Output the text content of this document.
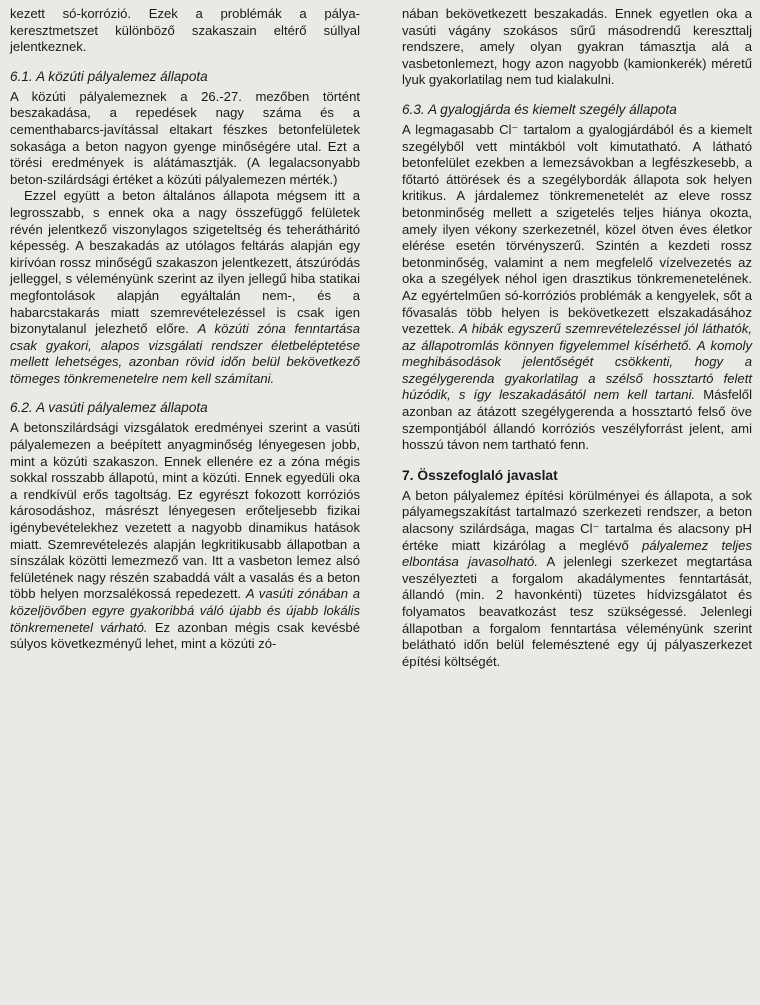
kezett só-korrózió. Ezek a problémák a pálya-keresztmetszet különböző szakaszain eltérő súllyal jelentkeznek.

6.1. A közúti pályalemez állapota

A közúti pályalemeznek a 26.-27. mezőben történt beszakadása, a repedések nagy száma és a cementhabarcs-javítással eltakart fészkes betonfelületek sokasága a beton nagyon gyenge minőségére utal. Ezt a törési eredmények is alátámasztják. (A legalacsonyabb beton-szilárdsági értéket a közúti pályalemezen mérték.)

Ezzel együtt a beton általános állapota mégsem itt a legrosszabb, s ennek oka a nagy összefüggő felületek révén jelentkező viszonylagos szigeteltség és teherátháritó képesség. A beszakadás az utólagos feltárás alapján egy kirívóan rossz minőségű szakaszon jelentkezett, átszúródás jelleggel, s véleményünk szerint az ilyen jellegű hiba statikai megfontolások alapján egyáltalán nem-, és a habarcstakarás miatt szemrevételezéssel is csak igen bizonytalanul jelezhető előre. A közúti zóna fenntartása csak gyakori, alapos vizsgálati rendszer életbeléptetése mellett lehetséges, azonban rövid időn belül bekövetkező tömeges tönkremenetelre nem kell számítani.

6.2. A vasúti pályalemez állapota

A betonszilárdsági vizsgálatok eredményei szerint a vasúti pályalemezen a beépített anyagminőség lényegesen jobb, mint a közúti szakaszon. Ennek ellenére ez a zóna mégis sokkal rosszabb állapotú, mint a közúti. Ennek egyedüli oka a rendkívül erős tagoltság. Ez egyrészt fokozott korróziós károsodáshoz, másrészt lényegesen erőteljesebb fizikai igénybevételekhez vezetett a nagyobb dinamikus hatások miatt. Szemrevételezés alapján legkritikusabb állapotban a sínszálak közötti lemezmező van. Itt a vasbeton lemez alsó felületének nagy részén szabaddá vált a vasalás és a beton több helyen morzsalékossá repedezett. A vasúti zónában a közeljövőben egyre gyakoribbá váló újabb és újabb lokális tönkremenetel várható. Ez azonban mégis csak kevésbé súlyos következményű lehet, mint a közúti zó-

nában bekövetkezett beszakadás. Ennek egyetlen oka a vasúti vágány szokásos sűrű másodrendű kereszttalj rendszere, amely olyan gyakran támasztja alá a vasbetonlemezt, hogy azon nagyobb (kamionkerék) méretű lyuk gyakorlatilag nem tud kialakulni.

6.3. A gyalogjárda és kiemelt szegély állapota

A legmagasabb Cl⁻ tartalom a gyalogjárdából és a kiemelt szegélyből vett mintákból volt kimutatható. A látható betonfelület ezekben a lemezsávokban a legfészkesebb, a főtartó áttörések és a szegélybordák állapota sok helyen kritikus. A járdalemez tönkremenetelét az eleve rossz betonminőség mellett a szigetelés teljes hiánya okozta, amely ilyen vékony szerkezetnél, közel ötven éves életkor elérése esetén törvényszerű. Szintén a kezdeti rossz betonminőség, valamint a nem megfelelő vízelvezetés az oka a szegélyek néhol igen drasztikus tönkremenetelének. Az egyértelműen só-korróziós problémák a kengyelek, sőt a fővasalás több helyen is bekövetkezett elszakadásához vezettek. A hibák egyszerű szemrevételezéssel jól láthatók, az állapotromlás könnyen figyelemmel kísérhető. A komoly meghibásodások jelentőségét csökkenti, hogy a szegélygerenda gyakorlatilag a szélső hossztartó felett húzódik, s így leszakadásától nem kell tartani. Másfelől azonban az átázott szegélygerenda a hossztartó felső öve szempontjából állandó korróziós veszélyforrást jelent, ami hosszú távon nem tartható fenn.

7. Összefoglaló javaslat

A beton pályalemez építési körülményei és állapota, a sok pályamegszakítást tartalmazó szerkezeti rendszer, a beton alacsony szilárdsága, magas Cl⁻ tartalma és alacsony pH értéke miatt kizárólag a meglévő pályalemez teljes elbontása javasolható. A jelenlegi szerkezet megtartása veszélyezteti a forgalom akadálymentes fenntartását, állandó (min. 2 havonkénti) tüzetes hídvizsgálatot és folyamatos beavatkozást tesz szükségessé. Jelenlegi állapotban a forgalom fenntartása véleményünk szerint belátható időn belül felemésztené egy új pályaszerkezet építési költségét.
